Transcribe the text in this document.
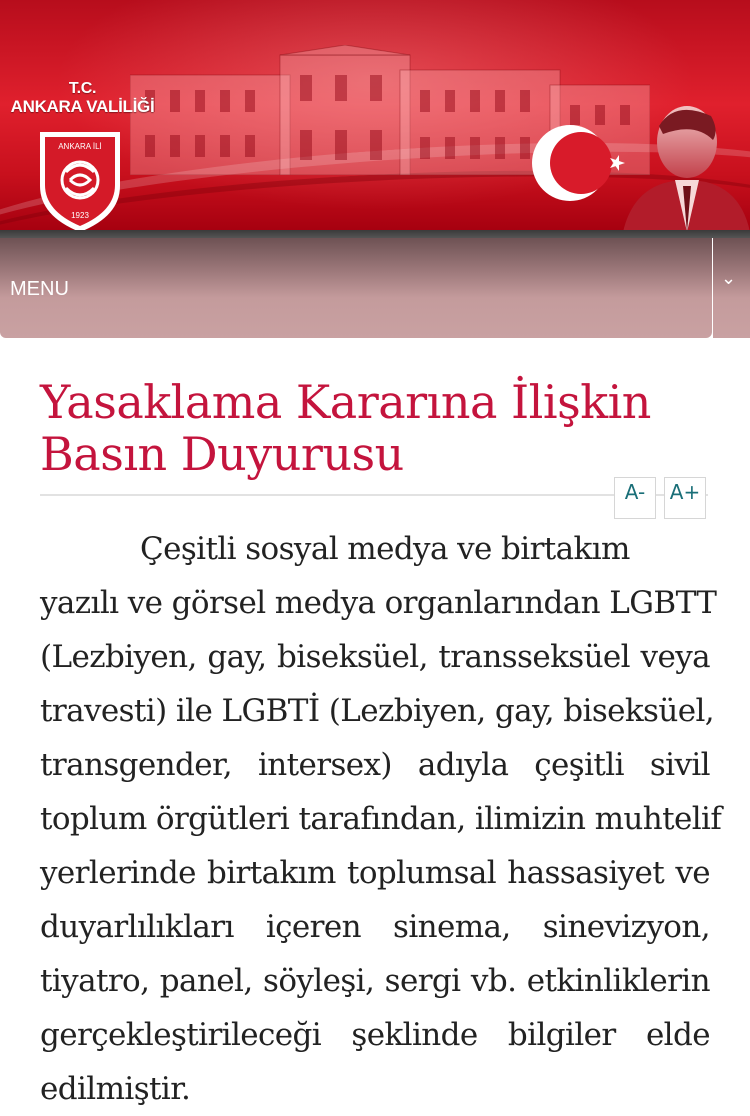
T.C.
ANKARA VALİLİĞİ
ANKARA İLİ
1923
MENU	⌄
Yasaklama Kararına İlişkin Basın Duyurusu
A-	A+
Çeşitli sosyal medya ve birtakım
yazılı ve görsel medya organlarından LGBTT
(Lezbiyen, gay, biseksüel, transseksüel veya
travesti) ile LGBTİ (Lezbiyen, gay, biseksüel,
transgender, intersex) adıyla çeşitli sivil
toplum örgütleri tarafından, ilimizin muhtelif
yerlerinde birtakım toplumsal hassasiyet ve
duyarlılıkları içeren sinema, sinevizyon,
tiyatro, panel, söyleşi, sergi vb. etkinliklerin
gerçekleştirileceği şeklinde bilgiler elde
edilmiştir.
